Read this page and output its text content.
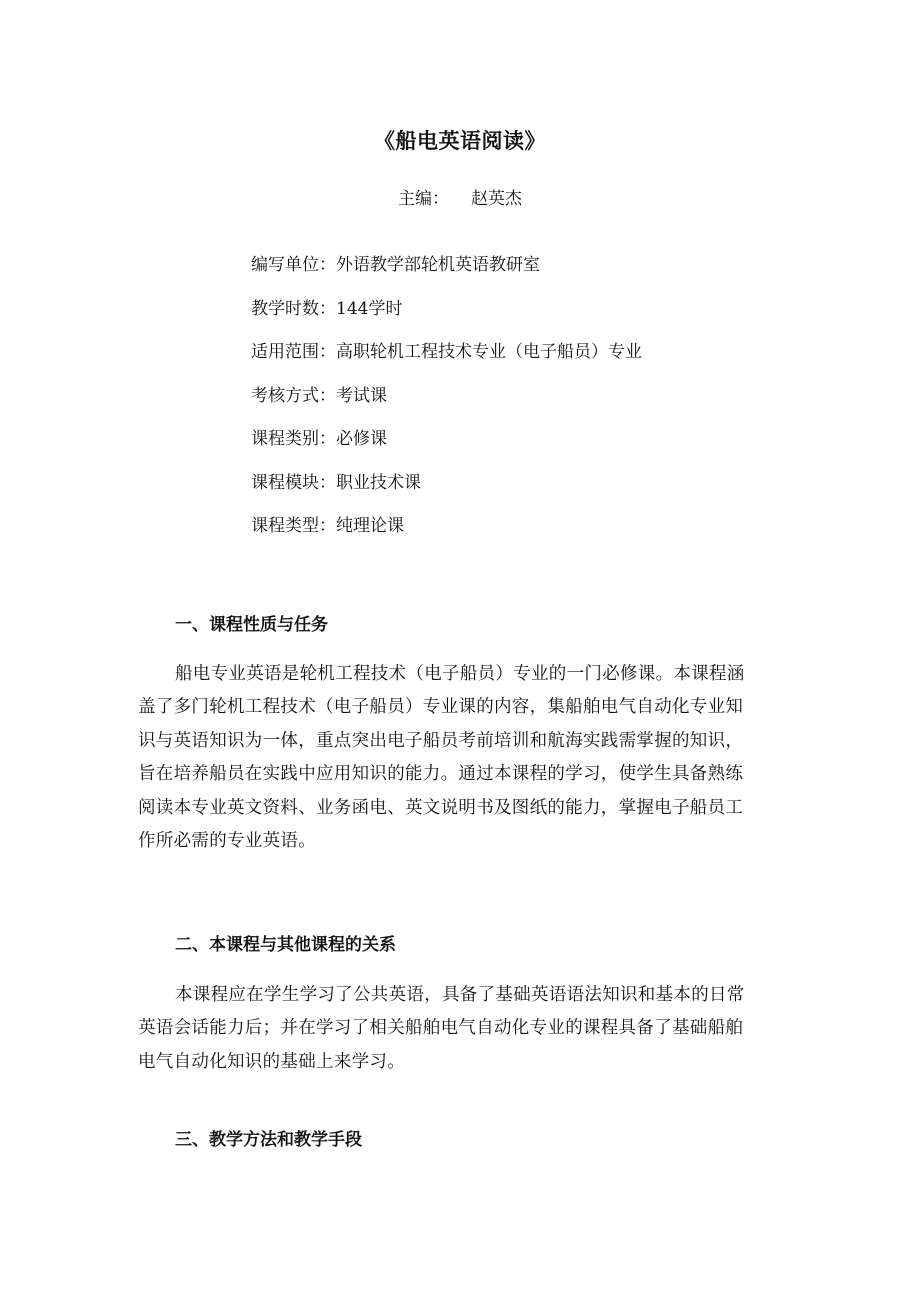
《船电英语阅读》
主编： 赵英杰
编写单位：外语教学部轮机英语教研室
教学时数：144学时
适用范围：高职轮机工程技术专业（电子船员）专业
考核方式：考试课
课程类别：必修课
课程模块：职业技术课
课程类型：纯理论课
一、课程性质与任务
船电专业英语是轮机工程技术（电子船员）专业的一门必修课。本课程涵
盖了多门轮机工程技术（电子船员）专业课的内容，集船舶电气自动化专业知
识与英语知识为一体，重点突出电子船员考前培训和航海实践需掌握的知识，
旨在培养船员在实践中应用知识的能力。通过本课程的学习，使学生具备熟练
阅读本专业英文资料、业务函电、英文说明书及图纸的能力，掌握电子船员工
作所必需的专业英语。
二、本课程与其他课程的关系
本课程应在学生学习了公共英语，具备了基础英语语法知识和基本的日常
英语会话能力后；并在学习了相关船舶电气自动化专业的课程具备了基础船舶
电气自动化知识的基础上来学习。
三、教学方法和教学手段
